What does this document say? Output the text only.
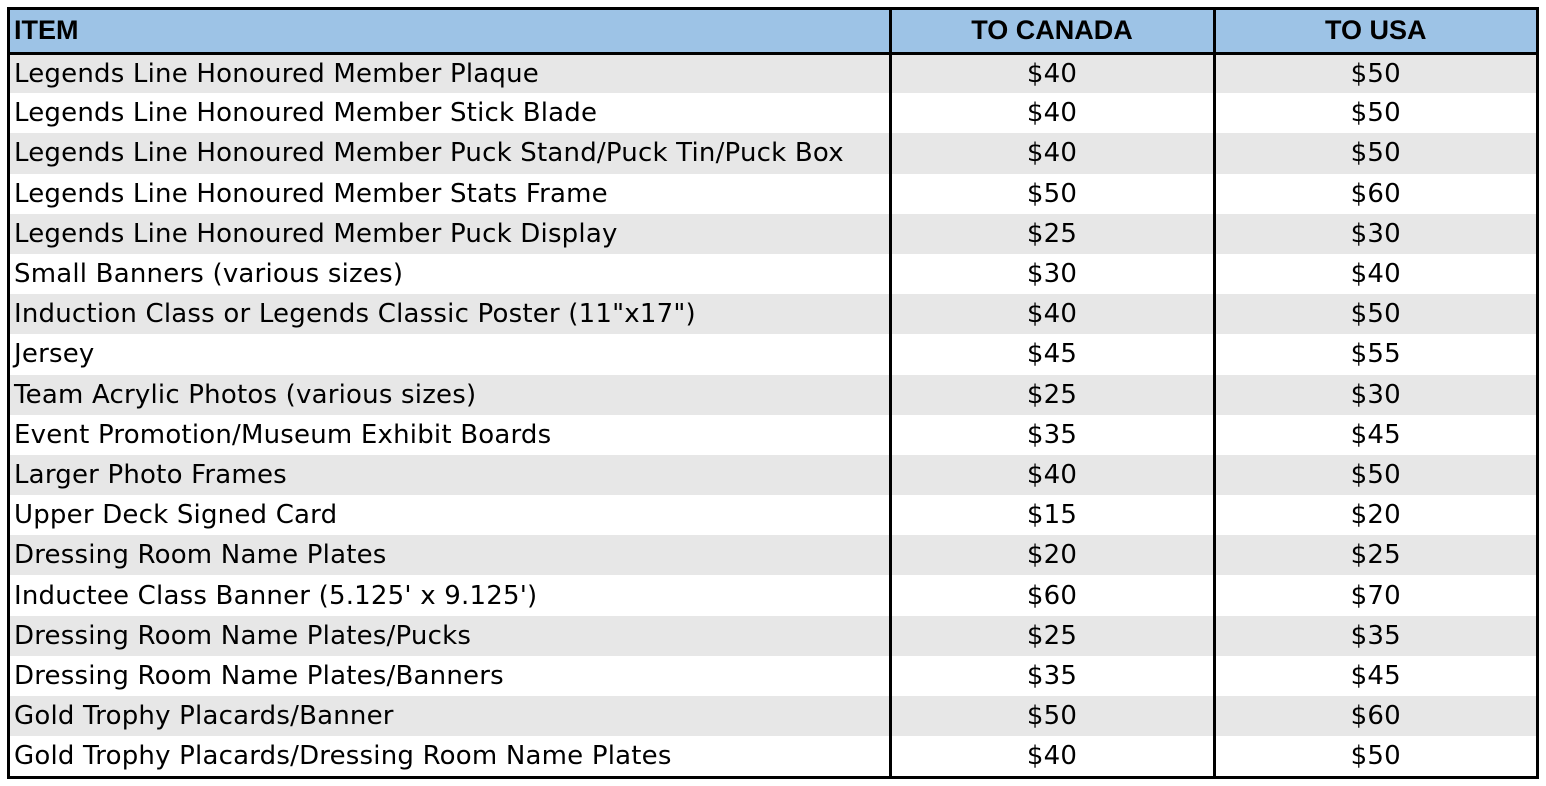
ITEM	TO CANADA	TO USA
Legends Line Honoured Member Plaque	$40	$50
Legends Line Honoured Member Stick Blade	$40	$50
Legends Line Honoured Member Puck Stand/Puck Tin/Puck Box	$40	$50
Legends Line Honoured Member Stats Frame	$50	$60
Legends Line Honoured Member Puck Display	$25	$30
Small Banners (various sizes)	$30	$40
Induction Class or Legends Classic Poster (11"x17")	$40	$50
Jersey	$45	$55
Team Acrylic Photos (various sizes)	$25	$30
Event Promotion/Museum Exhibit Boards	$35	$45
Larger Photo Frames	$40	$50
Upper Deck Signed Card	$15	$20
Dressing Room Name Plates	$20	$25
Inductee Class Banner (5.125' x 9.125')	$60	$70
Dressing Room Name Plates/Pucks	$25	$35
Dressing Room Name Plates/Banners	$35	$45
Gold Trophy Placards/Banner	$50	$60
Gold Trophy Placards/Dressing Room Name Plates	$40	$50
